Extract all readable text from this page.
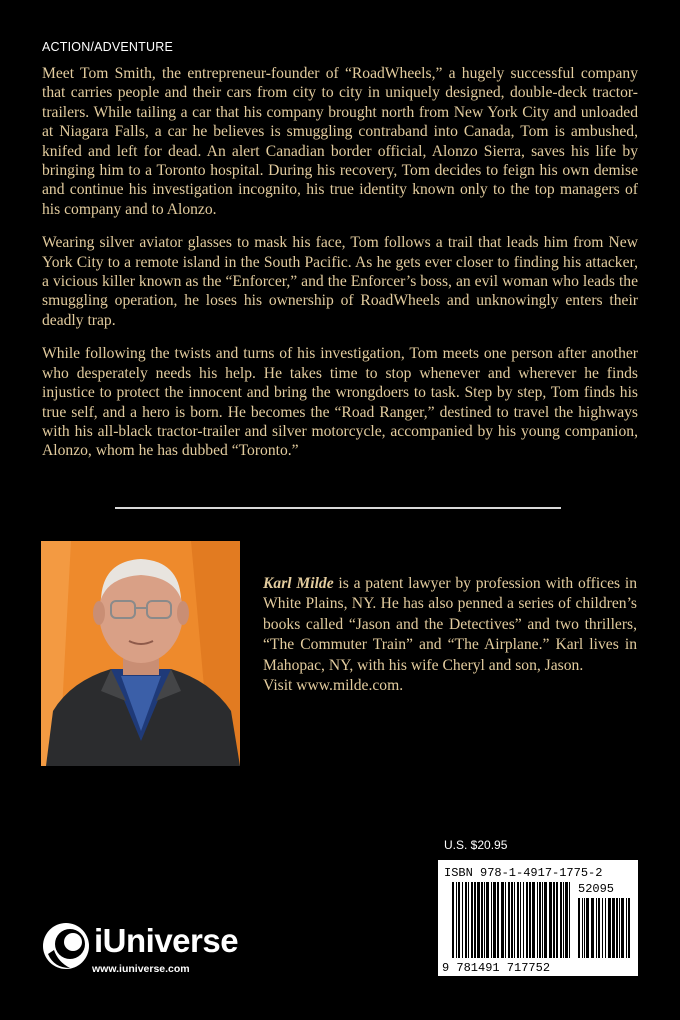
ACTION/ADVENTURE

Meet Tom Smith, the entrepreneur-founder of “RoadWheels,” a hugely successful company that carries people and their cars from city to city in uniquely designed, double-deck tractor-trailers. While tailing a car that his company brought north from New York City and unloaded at Niagara Falls, a car he believes is smuggling contraband into Canada, Tom is ambushed, knifed and left for dead. An alert Canadian border official, Alonzo Sierra, saves his life by bringing him to a Toronto hospital. During his recovery, Tom decides to feign his own demise and continue his investigation incognito, his true identity known only to the top managers of his company and to Alonzo.

Wearing silver aviator glasses to mask his face, Tom follows a trail that leads him from New York City to a remote island in the South Pacific. As he gets ever closer to finding his attacker, a vicious killer known as the “Enforcer,” and the Enforcer’s boss, an evil woman who leads the smuggling operation, he loses his ownership of RoadWheels and unknowingly enters their deadly trap.

While following the twists and turns of his investigation, Tom meets one person after another who desperately needs his help. He takes time to stop whenever and wherever he finds injustice to protect the innocent and bring the wrongdoers to task. Step by step, Tom finds his true self, and a hero is born. He becomes the “Road Ranger,” destined to travel the highways with his all-black tractor-trailer and silver motorcycle, accompanied by his young companion, Alonzo, whom he has dubbed “Toronto.”

Karl Milde is a patent lawyer by profession with offices in White Plains, NY. He has also penned a series of children’s books called “Jason and the Detectives” and two thrillers, “The Commuter Train” and “The Airplane.” Karl lives in Mahopac, NY, with his wife Cheryl and son, Jason.
Visit www.milde.com.
U.S. $20.95
ISBN 978-1-4917-1775-2
52095
9 781491 717752
iUniverse
www.iuniverse.com
